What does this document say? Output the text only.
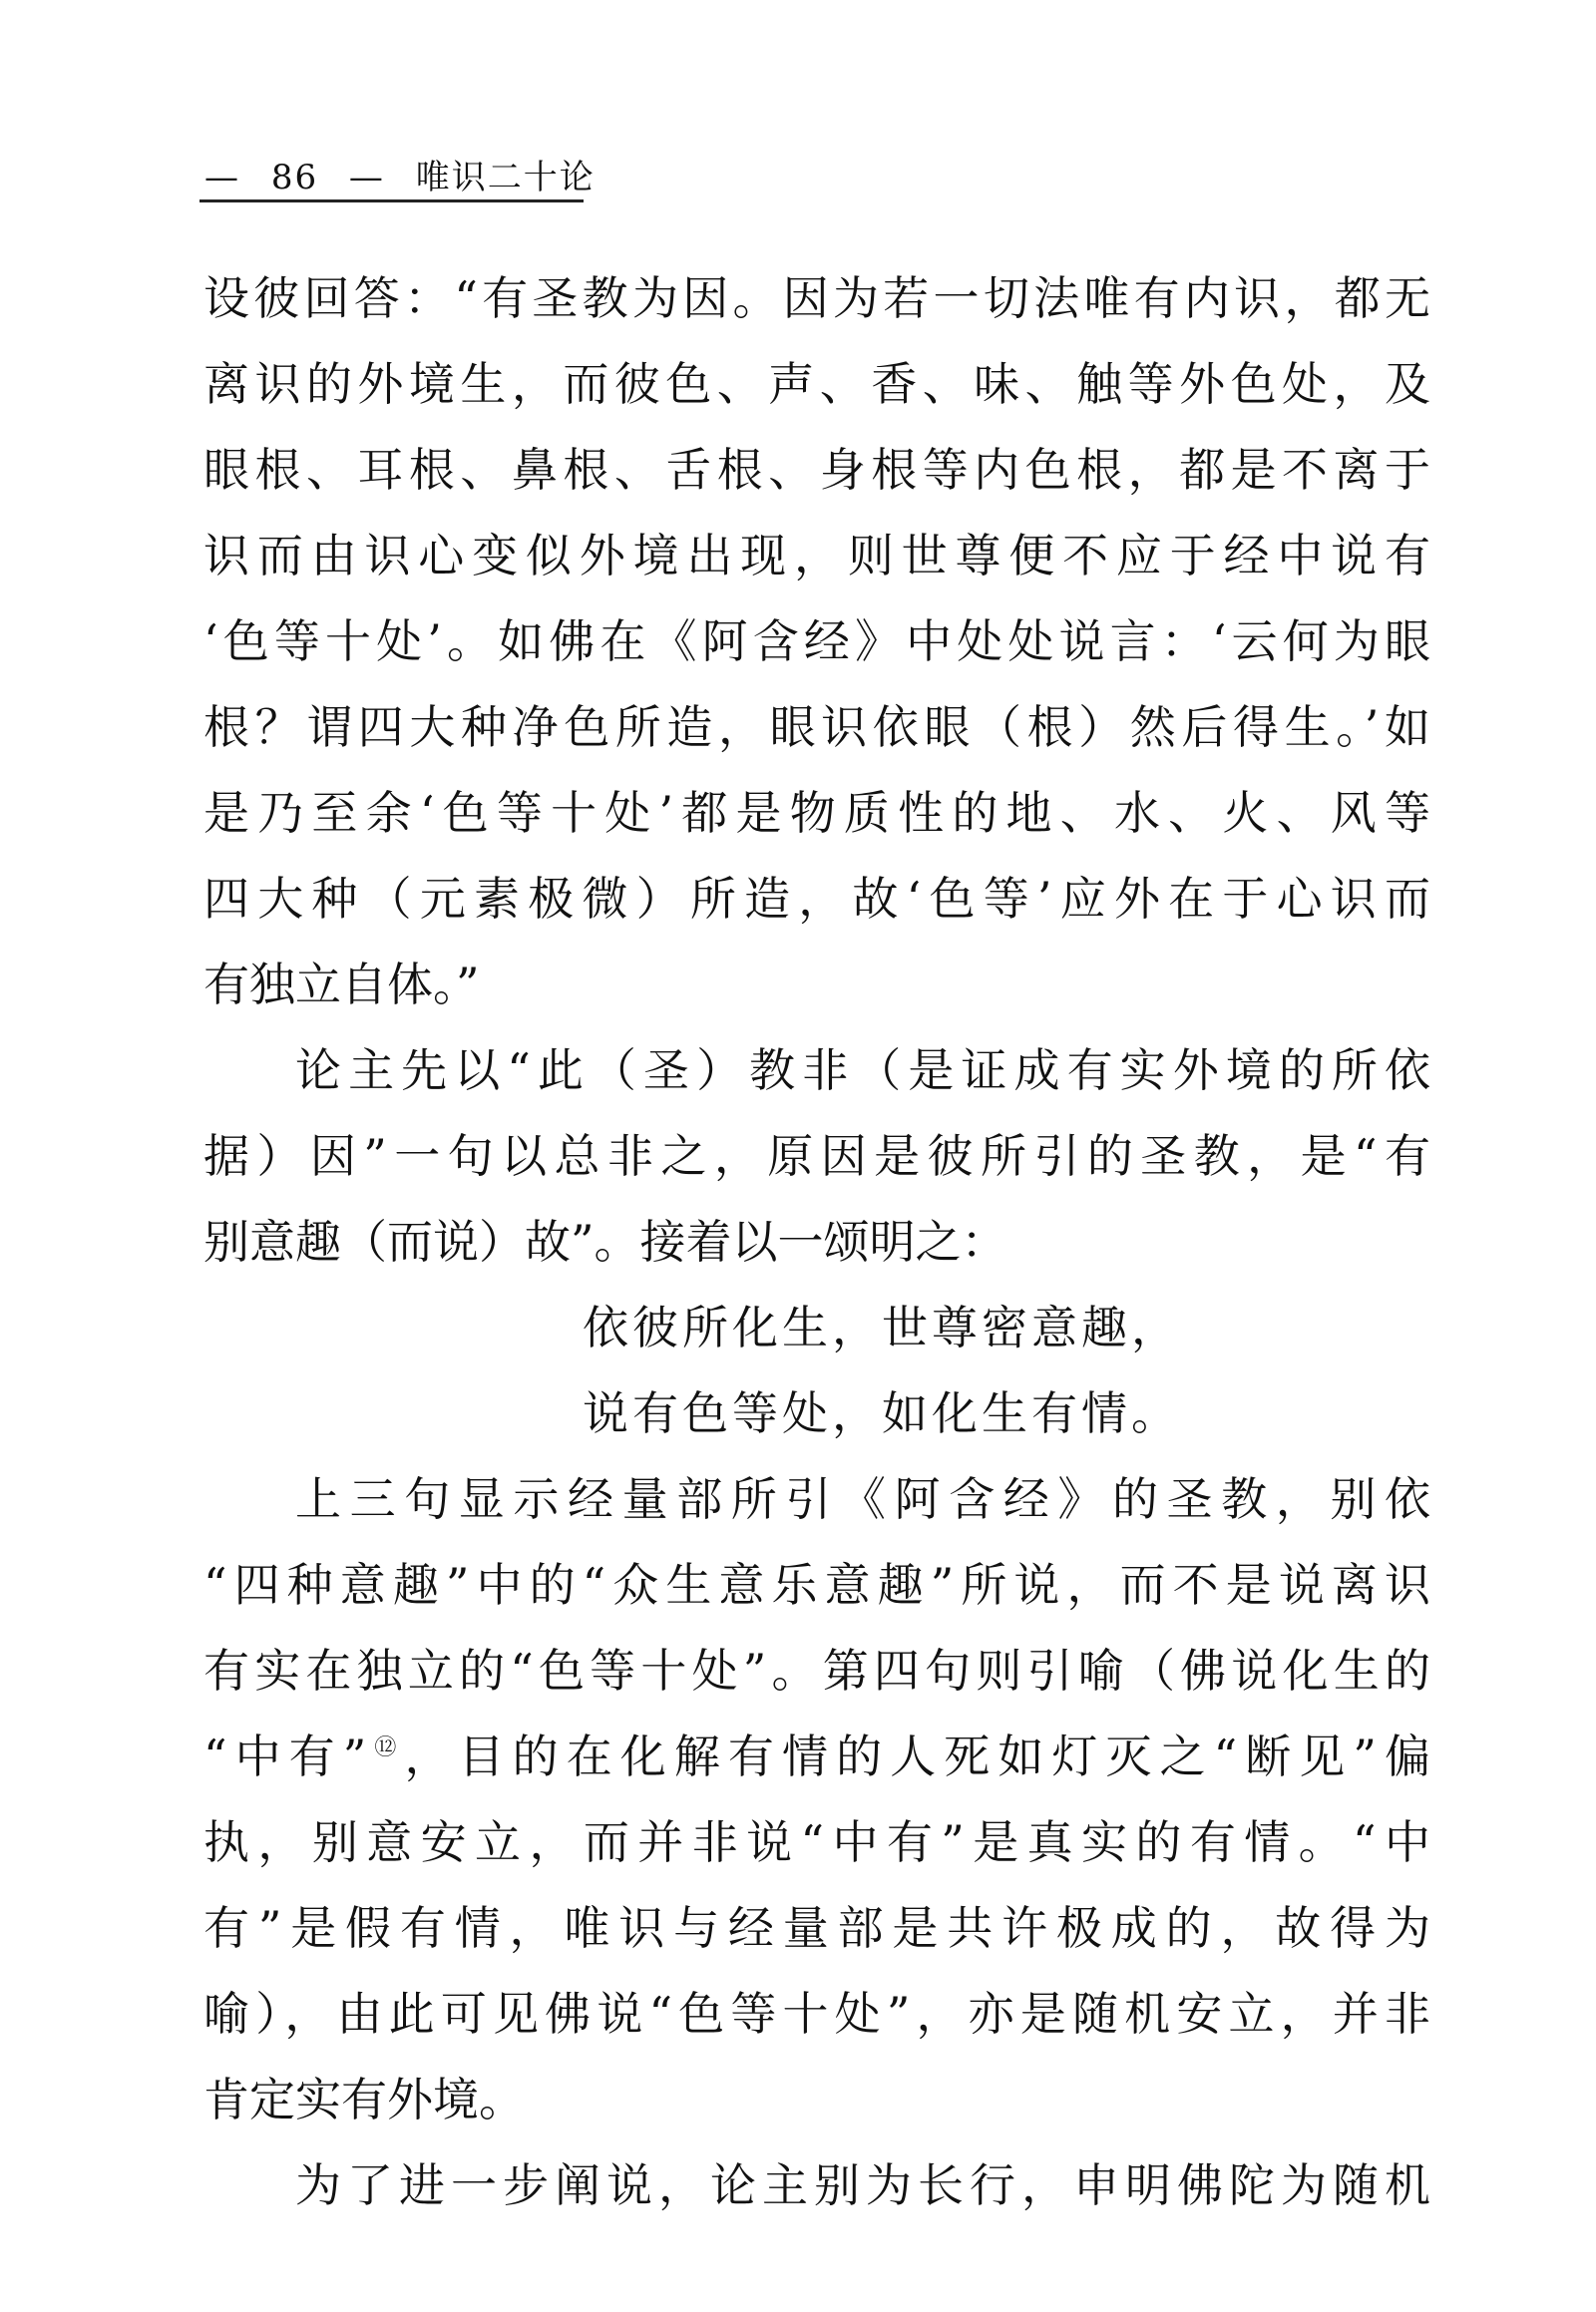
— 86 — 唯识二十论
设彼回答：“有圣教为因。因为若一切法唯有内识，都无
离识的外境生，而彼色、声、香、味、触等外色处，及
眼根、耳根、鼻根、舌根、身根等内色根，都是不离于
识而由识心变似外境出现，则世尊便不应于经中说有
‘色等十处’。如佛在《阿含经》中处处说言：‘云何为眼
根？谓四大种净色所造，眼识依眼（根）然后得生。’如
是乃至余‘色等十处’都是物质性的地、水、火、风等
四大种（元素极微）所造，故‘色等’应外在于心识而
有独立自体。”
论主先以“此（圣）教非（是证成有实外境的所依
据）因”一句以总非之，原因是彼所引的圣教，是“有
别意趣（而说）故”。接着以一颂明之：
依彼所化生，世尊密意趣，
说有色等处，如化生有情。
上三句显示经量部所引《阿含经》的圣教，别依
“四种意趣”中的“众生意乐意趣”所说，而不是说离识
有实在独立的“色等十处”。第四句则引喻（佛说化生的
“中有”⑫，目的在化解有情的人死如灯灭之“断见”偏
执，别意安立，而并非说“中有”是真实的有情。“中
有”是假有情，唯识与经量部是共许极成的，故得为
喻），由此可见佛说“色等十处”，亦是随机安立，并非
肯定实有外境。
为了进一步阐说，论主别为长行，申明佛陀为随机
